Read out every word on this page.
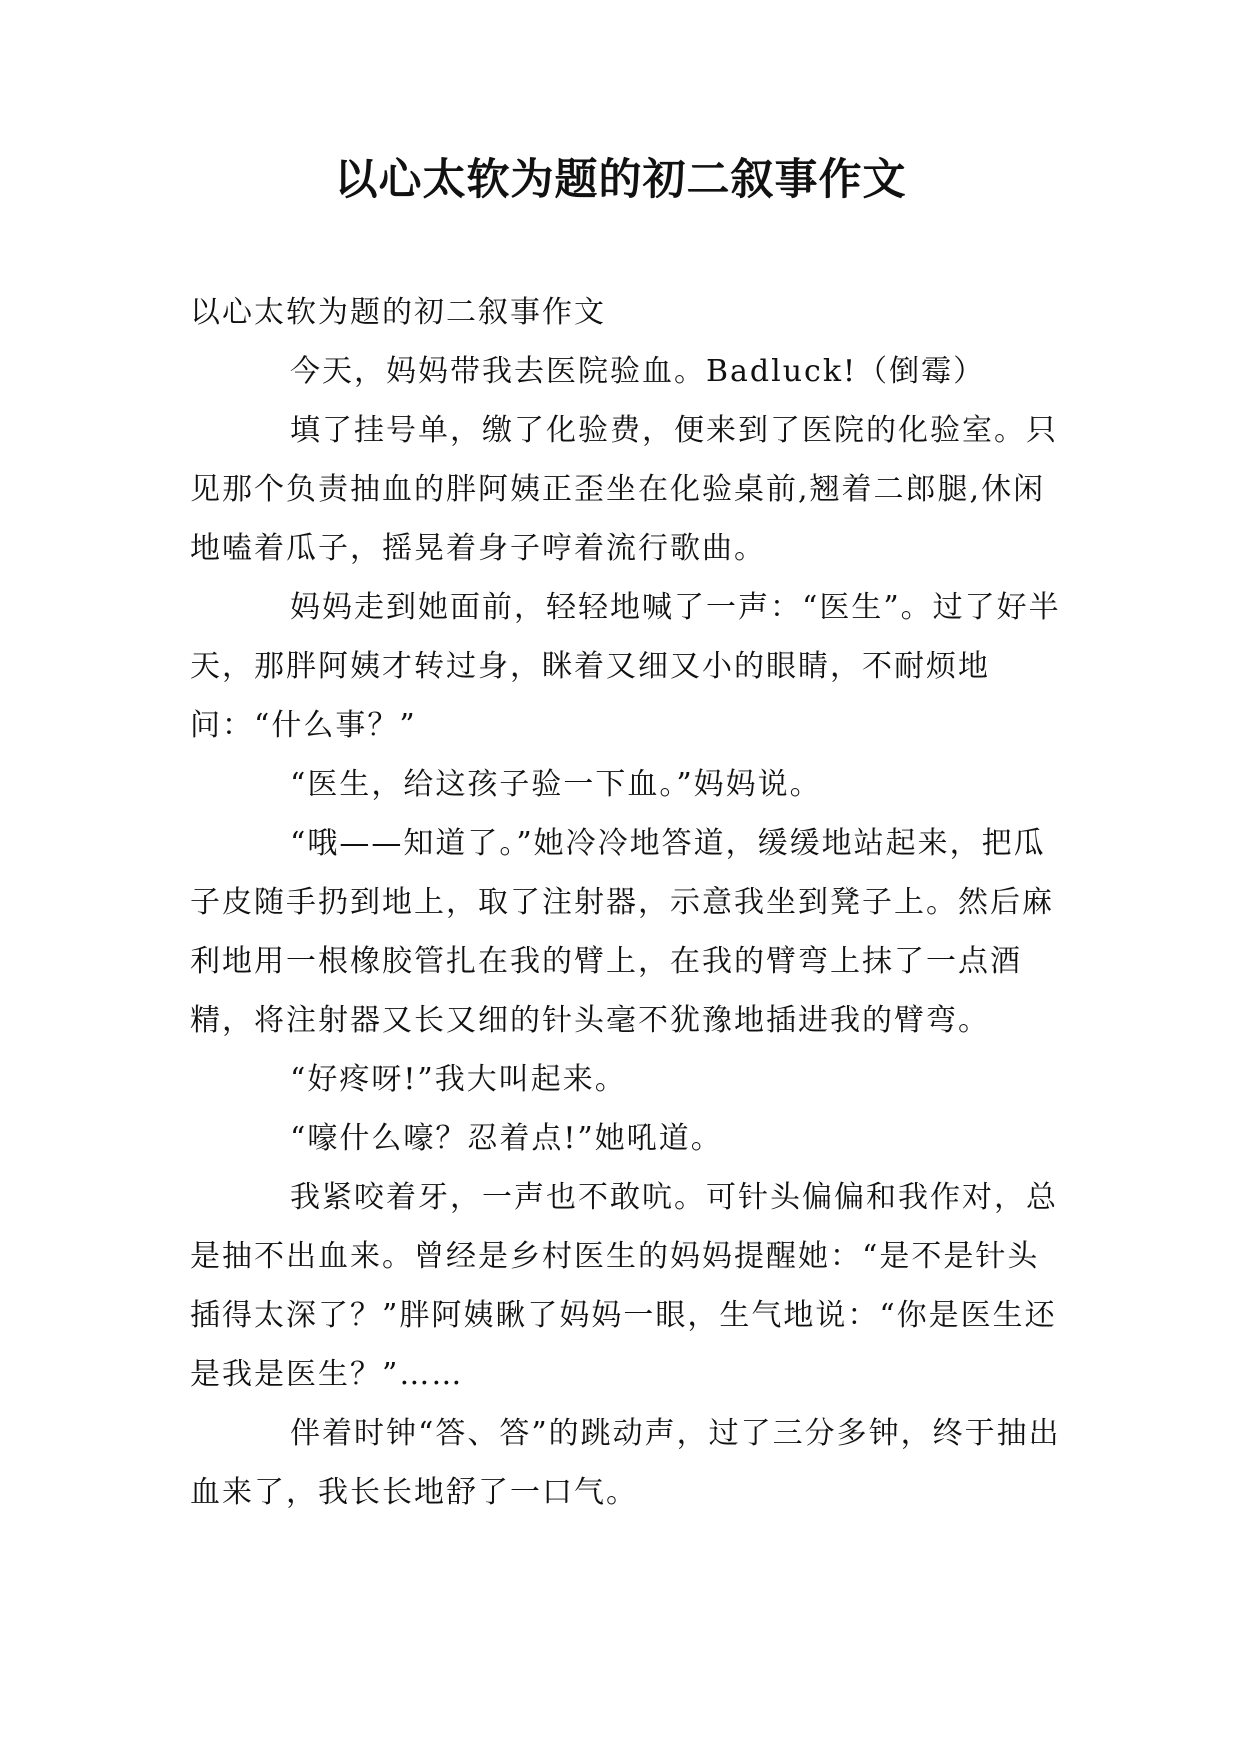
以心太软为题的初二叙事作文

以心太软为题的初二叙事作文

今天，妈妈带我去医院验血。Badluck!（倒霉）

填了挂号单，缴了化验费，便来到了医院的化验室。只见那个负责抽血的胖阿姨正歪坐在化验桌前,翘着二郎腿,休闲地嗑着瓜子，摇晃着身子哼着流行歌曲。

妈妈走到她面前，轻轻地喊了一声：“医生”。过了好半天，那胖阿姨才转过身，眯着又细又小的眼睛，不耐烦地问：“什么事？”

“医生，给这孩子验一下血。”妈妈说。

“哦——知道了。”她冷冷地答道，缓缓地站起来，把瓜子皮随手扔到地上，取了注射器，示意我坐到凳子上。然后麻利地用一根橡胶管扎在我的臂上，在我的臂弯上抹了一点酒精，将注射器又长又细的针头毫不犹豫地插进我的臂弯。

“好疼呀!”我大叫起来。

“嚎什么嚎？忍着点!”她吼道。

我紧咬着牙，一声也不敢吭。可针头偏偏和我作对，总是抽不出血来。曾经是乡村医生的妈妈提醒她：“是不是针头插得太深了？”胖阿姨瞅了妈妈一眼，生气地说：“你是医生还是我是医生？”……

伴着时钟“答、答”的跳动声，过了三分多钟，终于抽出血来了，我长长地舒了一口气。
